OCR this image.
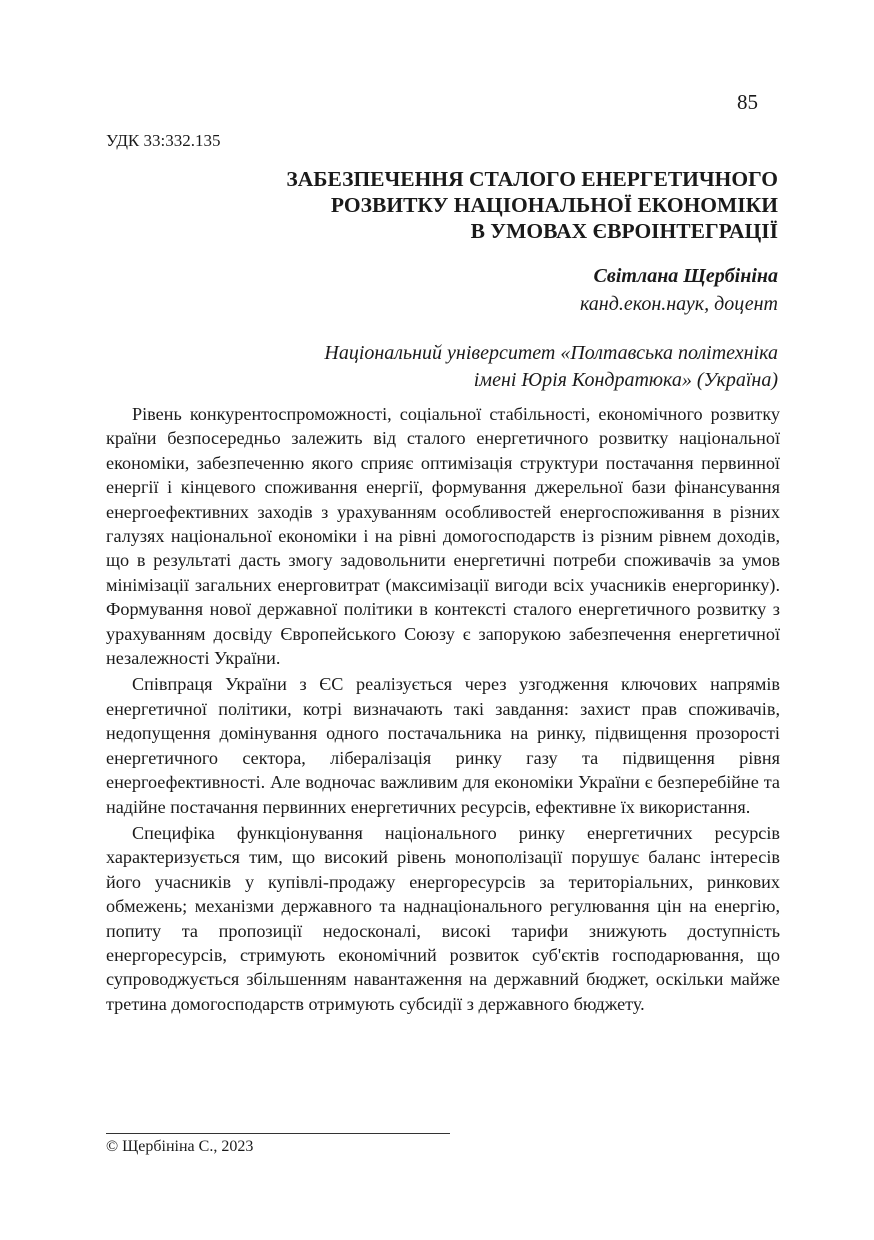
85
УДК 33:332.135
ЗАБЕЗПЕЧЕННЯ СТАЛОГО ЕНЕРГЕТИЧНОГО
РОЗВИТКУ НАЦІОНАЛЬНОЇ ЕКОНОМІКИ
В УМОВАХ ЄВРОІНТЕГРАЦІЇ
Світлана Щербініна
канд.екон.наук, доцент
Національний університет «Полтавська політехніка
імені Юрія Кондратюка» (Україна)

Рівень конкурентоспроможності, соціальної стабільності, економічного розвитку країни безпосередньо залежить від сталого енергетичного розвитку національної економіки, забезпеченню якого сприяє оптимізація структури постачання первинної енергії і кінцевого споживання енергії, формування джерельної бази фінансування енергоефективних заходів з урахуванням особливостей енергоспоживання в різних галузях національної економіки і на рівні домогосподарств із різним рівнем доходів, що в результаті дасть змогу задовольнити енергетичні потреби споживачів за умов мінімізації загальних енерговитрат (максимізації вигоди всіх учасників енергоринку). Формування нової державної політики в контексті сталого енергетичного розвитку з урахуванням досвіду Європейського Союзу є запорукою забезпечення енергетичної незалежності України.

Співпраця України з ЄС реалізується через узгодження ключових напрямів енергетичної політики, котрі визначають такі завдання: захист прав споживачів, недопущення домінування одного постачальника на ринку, підвищення прозорості енергетичного сектора, лібералізація ринку газу та підвищення рівня енергоефективності. Але водночас важливим для економіки України є безперебійне та надійне постачання первинних енергетичних ресурсів, ефективне їх використання.

Специфіка функціонування національного ринку енергетичних ресурсів характеризується тим, що високий рівень монополізації порушує баланс інтересів його учасників у купівлі-продажу енергоресурсів за територіальних, ринкових обмежень; механізми державного та наднаціонального регулювання цін на енергію, попиту та пропозиції недосконалі, високі тарифи знижують доступність енергоресурсів, стримують економічний розвиток суб'єктів господарювання, що супроводжується збільшенням навантаження на державний бюджет, оскільки майже третина домогосподарств отримують субсидії з державного бюджету.

© Щербініна С., 2023
